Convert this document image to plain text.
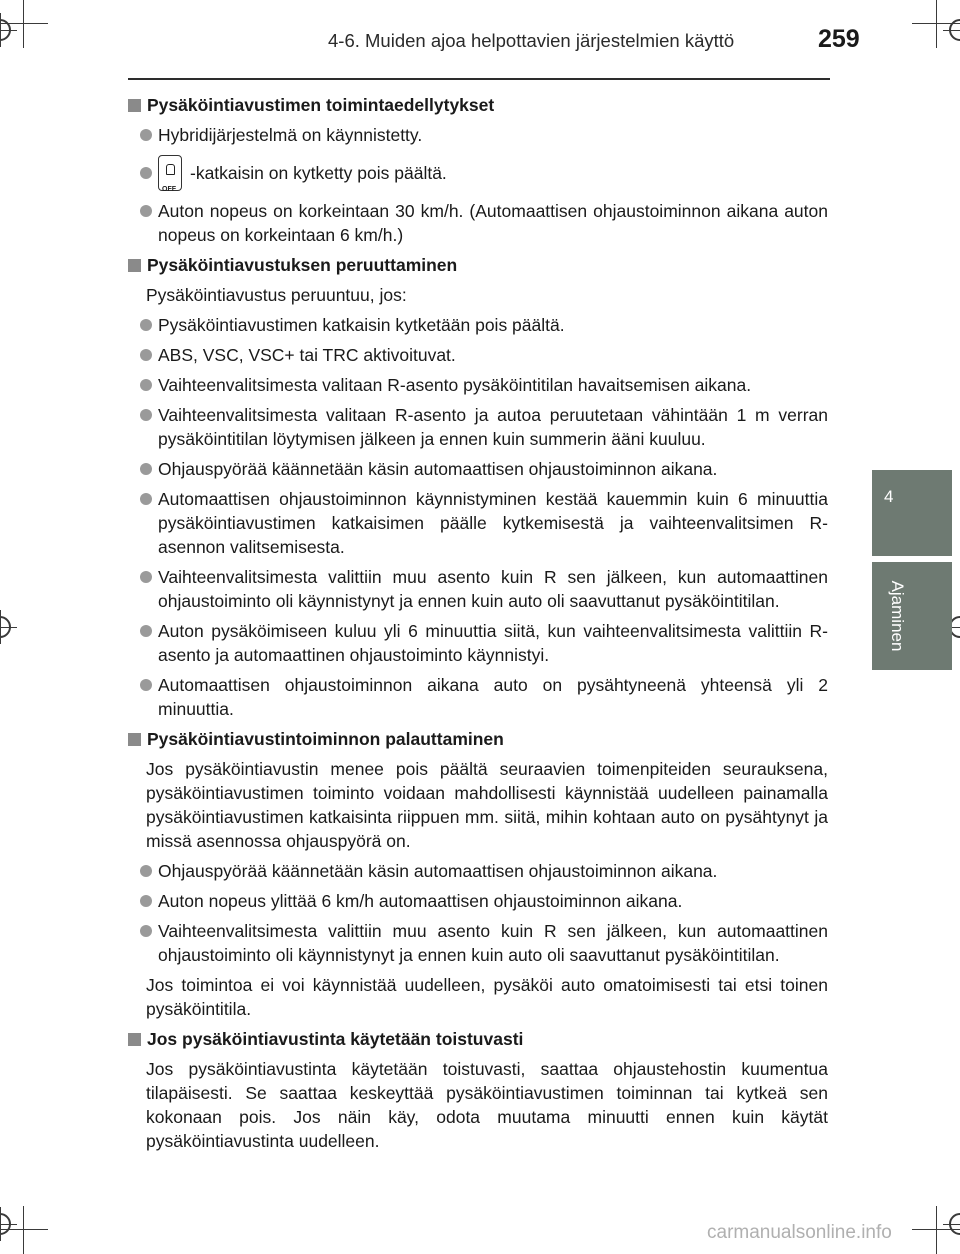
4-6. Muiden ajoa helpottavien järjestelmien käyttö	259
4
Ajaminen
Pysäköintiavustimen toimintaedellytykset
Hybridijärjestelmä on käynnistetty.
OFF
-katkaisin on kytketty pois päältä.
Auton nopeus on korkeintaan 30 km/h. (Automaattisen ohjaustoiminnon aikana auton nopeus on korkeintaan 6 km/h.)
Pysäköintiavustuksen peruuttaminen
Pysäköintiavustus peruuntuu, jos:
Pysäköintiavustimen katkaisin kytketään pois päältä.
ABS, VSC, VSC+ tai TRC aktivoituvat.
Vaihteenvalitsimesta valitaan R-asento pysäköintitilan havaitsemisen aikana.
Vaihteenvalitsimesta valitaan R-asento ja autoa peruutetaan vähintään 1 m verran pysäköintitilan löytymisen jälkeen ja ennen kuin summerin ääni kuuluu.
Ohjauspyörää käännetään käsin automaattisen ohjaustoiminnon aikana.
Automaattisen ohjaustoiminnon käynnistyminen kestää kauemmin kuin 6 minuuttia pysäköintiavustimen katkaisimen päälle kytkemisestä ja vaihteenvalitsimen R-asennon valitsemisesta.
Vaihteenvalitsimesta valittiin muu asento kuin R sen jälkeen, kun automaattinen ohjaustoiminto oli käynnistynyt ja ennen kuin auto oli saavuttanut pysäköintitilan.
Auton pysäköimiseen kuluu yli 6 minuuttia siitä, kun vaihteenvalitsimesta valittiin R-asento ja automaattinen ohjaustoiminto käynnistyi.
Automaattisen ohjaustoiminnon aikana auto on pysähtyneenä yhteensä yli 2 minuuttia.
Pysäköintiavustintoiminnon palauttaminen
Jos pysäköintiavustin menee pois päältä seuraavien toimenpiteiden seurauksena, pysäköintiavustimen toiminto voidaan mahdollisesti käynnistää uudelleen painamalla pysäköintiavustimen katkaisinta riippuen mm. siitä, mihin kohtaan auto on pysähtynyt ja missä asennossa ohjauspyörä on.
Ohjauspyörää käännetään käsin automaattisen ohjaustoiminnon aikana.
Auton nopeus ylittää 6 km/h automaattisen ohjaustoiminnon aikana.
Vaihteenvalitsimesta valittiin muu asento kuin R sen jälkeen, kun automaattinen ohjaustoiminto oli käynnistynyt ja ennen kuin auto oli saavuttanut pysäköintitilan.
Jos toimintoa ei voi käynnistää uudelleen, pysäköi auto omatoimisesti tai etsi toinen pysäköintitila.
Jos pysäköintiavustinta käytetään toistuvasti
Jos pysäköintiavustinta käytetään toistuvasti, saattaa ohjaustehostin kuumentua tilapäisesti. Se saattaa keskeyttää pysäköintiavustimen toiminnan tai kytkeä sen kokonaan pois. Jos näin käy, odota muutama minuutti ennen kuin käytät pysäköintiavustinta uudelleen.
carmanualsonline.info
